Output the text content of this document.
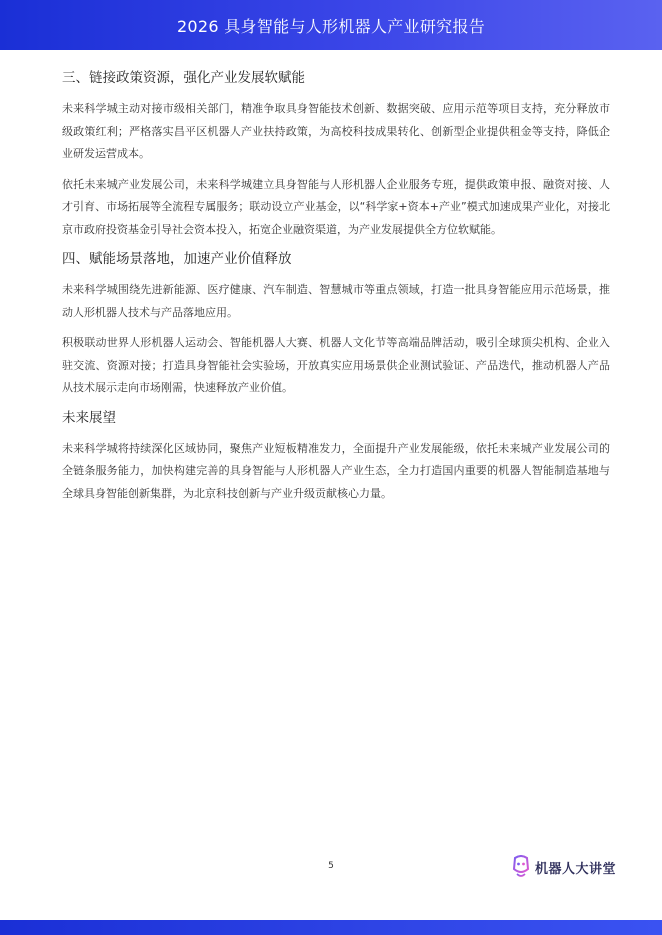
2026 具身智能与人形机器人产业研究报告
三、链接政策资源，强化产业发展软赋能

未来科学城主动对接市级相关部门，精准争取具身智能技术创新、数据突破、应用示范等项目支持，充分释放市级政策红利；严格落实昌平区机器人产业扶持政策，为高校科技成果转化、创新型企业提供租金等支持，降低企业研发运营成本。

依托未来城产业发展公司，未来科学城建立具身智能与人形机器人企业服务专班，提供政策申报、融资对接、人才引育、市场拓展等全流程专属服务；联动设立产业基金，以“科学家+资本+产业”模式加速成果产业化，对接北京市政府投资基金引导社会资本投入，拓宽企业融资渠道，为产业发展提供全方位软赋能。

四、赋能场景落地，加速产业价值释放

未来科学城围绕先进新能源、医疗健康、汽车制造、智慧城市等重点领域，打造一批具身智能应用示范场景，推动人形机器人技术与产品落地应用。

积极联动世界人形机器人运动会、智能机器人大赛、机器人文化节等高端品牌活动，吸引全球顶尖机构、企业入驻交流、资源对接；打造具身智能社会实验场，开放真实应用场景供企业测试验证、产品迭代，推动机器人产品从技术展示走向市场刚需，快速释放产业价值。

未来展望

未来科学城将持续深化区域协同，聚焦产业短板精准发力，全面提升产业发展能级，依托未来城产业发展公司的全链条服务能力，加快构建完善的具身智能与人形机器人产业生态，全力打造国内重要的机器人智能制造基地与全球具身智能创新集群，为北京科技创新与产业升级贡献核心力量。

5	机器人大讲堂
